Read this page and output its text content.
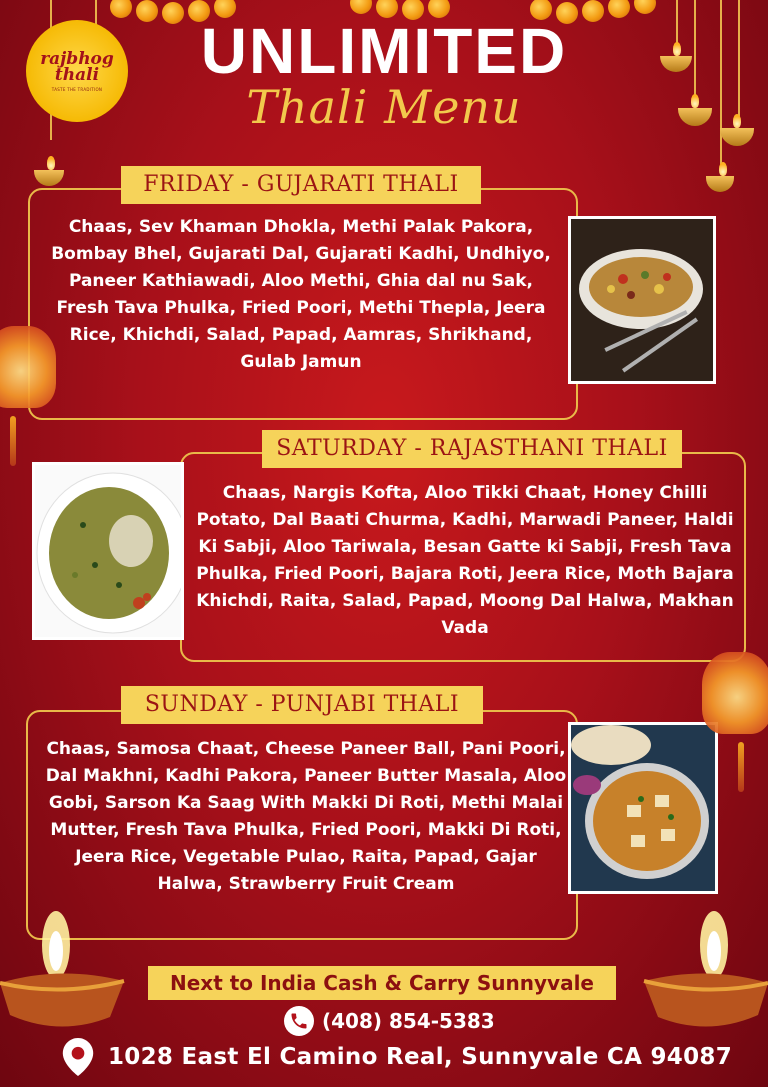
rajbhog
thali
TASTE THE TRADITION
UNLIMITED
Thali Menu
FRIDAY - GUJARATI THALI
Chaas, Sev Khaman Dhokla, Methi Palak Pakora, Bombay Bhel, Gujarati Dal, Gujarati Kadhi, Undhiyo, Paneer Kathiawadi, Aloo Methi, Ghia dal nu Sak, Fresh Tava Phulka, Fried Poori, Methi Thepla, Jeera Rice, Khichdi, Salad, Papad, Aamras, Shrikhand, Gulab Jamun
SATURDAY - RAJASTHANI THALI
Chaas, Nargis Kofta, Aloo Tikki Chaat, Honey Chilli Potato, Dal Baati Churma, Kadhi, Marwadi Paneer, Haldi Ki Sabji, Aloo Tariwala, Besan Gatte ki Sabji, Fresh Tava Phulka, Fried Poori, Bajara Roti, Jeera Rice, Moth Bajara Khichdi, Raita, Salad, Papad, Moong Dal Halwa, Makhan Vada
SUNDAY - PUNJABI THALI
Chaas, Samosa Chaat, Cheese Paneer Ball, Pani Poori, Dal Makhni, Kadhi Pakora, Paneer Butter Masala, Aloo Gobi, Sarson Ka Saag With Makki Di Roti, Methi Malai Mutter, Fresh Tava Phulka, Fried Poori, Makki Di Roti, Jeera Rice, Vegetable Pulao, Raita, Papad, Gajar Halwa, Strawberry Fruit Cream
Next to India Cash & Carry Sunnyvale
(408) 854-5383
1028 East El Camino Real, Sunnyvale CA 94087
